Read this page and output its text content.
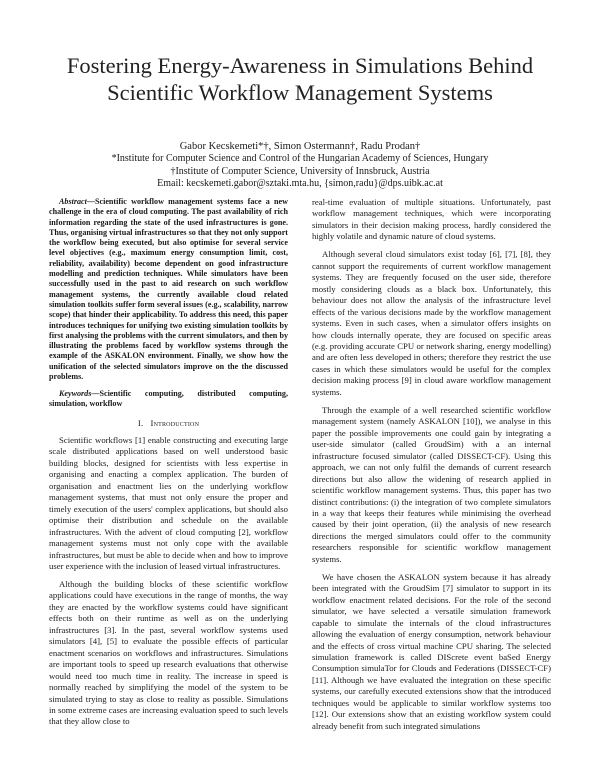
Fostering Energy-Awareness in Simulations Behind
Scientific Workflow Management Systems
Gabor Kecskemeti*†, Simon Ostermann†, Radu Prodan†
*Institute for Computer Science and Control of the Hungarian Academy of Sciences, Hungary
†Institute of Computer Science, University of Innsbruck, Austria
Email: kecskemeti.gabor@sztaki.mta.hu, {simon,radu}@dps.uibk.ac.at

Abstract—Scientific workflow management systems face a new challenge in the era of cloud computing. The past availability of rich information regarding the state of the used infrastructures is gone. Thus, organising virtual infrastructures so that they not only support the workflow being executed, but also optimise for several service level objectives (e.g., maximum energy consumption limit, cost, reliability, availability) become dependent on good infrastructure modelling and prediction techniques. While simulators have been successfully used in the past to aid research on such workflow management systems, the currently available cloud related simulation toolkits suffer form several issues (e.g., scalability, narrow scope) that hinder their applicability. To address this need, this paper introduces techniques for unifying two existing simulation toolkits by first analysing the problems with the current simulators, and then by illustrating the problems faced by workflow systems through the example of the ASKALON environment. Finally, we show how the unification of the selected simulators improve on the the discussed problems.

Keywords—Scientific computing, distributed computing, simulation, workflow

I. Introduction

Scientific workflows [1] enable constructing and executing large scale distributed applications based on well understood basic building blocks, designed for scientists with less expertise in organising and enacting a complex application. The burden of organisation and enactment lies on the underlying workflow management systems, that must not only ensure the proper and timely execution of the users' complex applications, but should also optimise their distribution and schedule on the available infrastructures. With the advent of cloud computing [2], workflow management systems must not only cope with the available infrastructures, but must be able to decide when and how to improve user experience with the inclusion of leased virtual infrastructures.

Although the building blocks of these scientific workflow applications could have executions in the range of months, the way they are enacted by the workflow systems could have significant effects both on their runtime as well as on the underlying infrastructures [3]. In the past, several workflow systems used simulators [4], [5] to evaluate the possible effects of particular enactment scenarios on workflows and infrastructures. Simulations are important tools to speed up research evaluations that otherwise would need too much time in reality. The increase in speed is normally reached by simplifying the model of the system to be simulated trying to stay as close to reality as possible. Simulations in some extreme cases are increasing evaluation speed to such levels that they allow close to

real-time evaluation of multiple situations. Unfortunately, past workflow management techniques, which were incorporating simulators in their decision making process, hardly considered the highly volatile and dynamic nature of cloud systems.

Although several cloud simulators exist today [6], [7], [8], they cannot support the requirements of current workflow management systems. They are frequently focused on the user side, therefore mostly considering clouds as a black box. Unfortunately, this behaviour does not allow the analysis of the infrastructure level effects of the various decisions made by the workflow management systems. Even in such cases, when a simulator offers insights on how clouds internally operate, they are focused on specific areas (e.g. providing accurate CPU or network sharing, energy modelling) and are often less developed in others; therefore they restrict the use cases in which these simulators would be useful for the complex decision making process [9] in cloud aware workflow management systems.

Through the example of a well researched scientific workflow management system (namely ASKALON [10]), we analyse in this paper the possible improvements one could gain by integrating a user-side simulator (called GroudSim) with a an internal infrastructure focused simulator (called DISSECT-CF). Using this approach, we can not only fulfil the demands of current research directions but also allow the widening of research applied in scientific workflow management systems. Thus, this paper has two distinct contributions: (i) the integration of two complete simulators in a way that keeps their features while minimising the overhead caused by their joint operation, (ii) the analysis of new research directions the merged simulators could offer to the community researchers responsible for scientific workflow management systems.

We have chosen the ASKALON system because it has already been integrated with the GroudSim [7] simulator to support in its workflow enactment related decisions. For the role of the second simulator, we have selected a versatile simulation framework capable to simulate the internals of the cloud infrastructures allowing the evaluation of energy consumption, network behaviour and the effects of cross virtual machine CPU sharing. The selected simulation framework is called DIScrete event baSed Energy Consumption simulaTor for Clouds and Federations (DISSECT-CF) [11]. Although we have evaluated the integration on these specific systems, our carefully executed extensions show that the introduced techniques would be applicable to similar workflow systems too [12]. Our extensions show that an existing workflow system could already benefit from such integrated simulations
